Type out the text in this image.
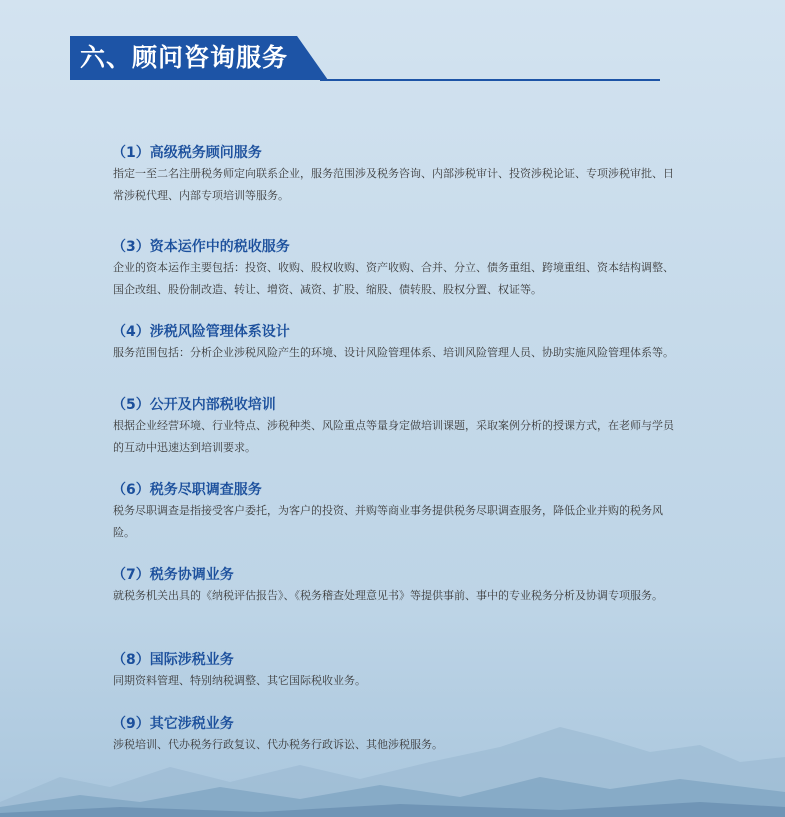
六、顾问咨询服务

（1）高级税务顾问服务

指定一至二名注册税务师定向联系企业，服务范围涉及税务咨询、内部涉税审计、投资涉税论证、专项涉税审批、日常涉税代理、内部专项培训等服务。

（3）资本运作中的税收服务

企业的资本运作主要包括：投资、收购、股权收购、资产收购、合并、分立、债务重组、跨境重组、资本结构调整、国企改组、股份制改造、转让、增资、减资、扩股、缩股、债转股、股权分置、权证等。

（4）涉税风险管理体系设计

服务范围包括：分析企业涉税风险产生的环境、设计风险管理体系、培训风险管理人员、协助实施风险管理体系等。

（5）公开及内部税收培训

根据企业经营环境、行业特点、涉税种类、风险重点等量身定做培训课题，采取案例分析的授课方式，在老师与学员的互动中迅速达到培训要求。

（6）税务尽职调查服务

税务尽职调查是指接受客户委托，为客户的投资、并购等商业事务提供税务尽职调查服务，降低企业并购的税务风险。

（7）税务协调业务

就税务机关出具的《纳税评估报告》、《税务稽查处理意见书》等提供事前、事中的专业税务分析及协调专项服务。

（8）国际涉税业务

同期资料管理、特别纳税调整、其它国际税收业务。

（9）其它涉税业务

涉税培训、代办税务行政复议、代办税务行政诉讼、其他涉税服务。
